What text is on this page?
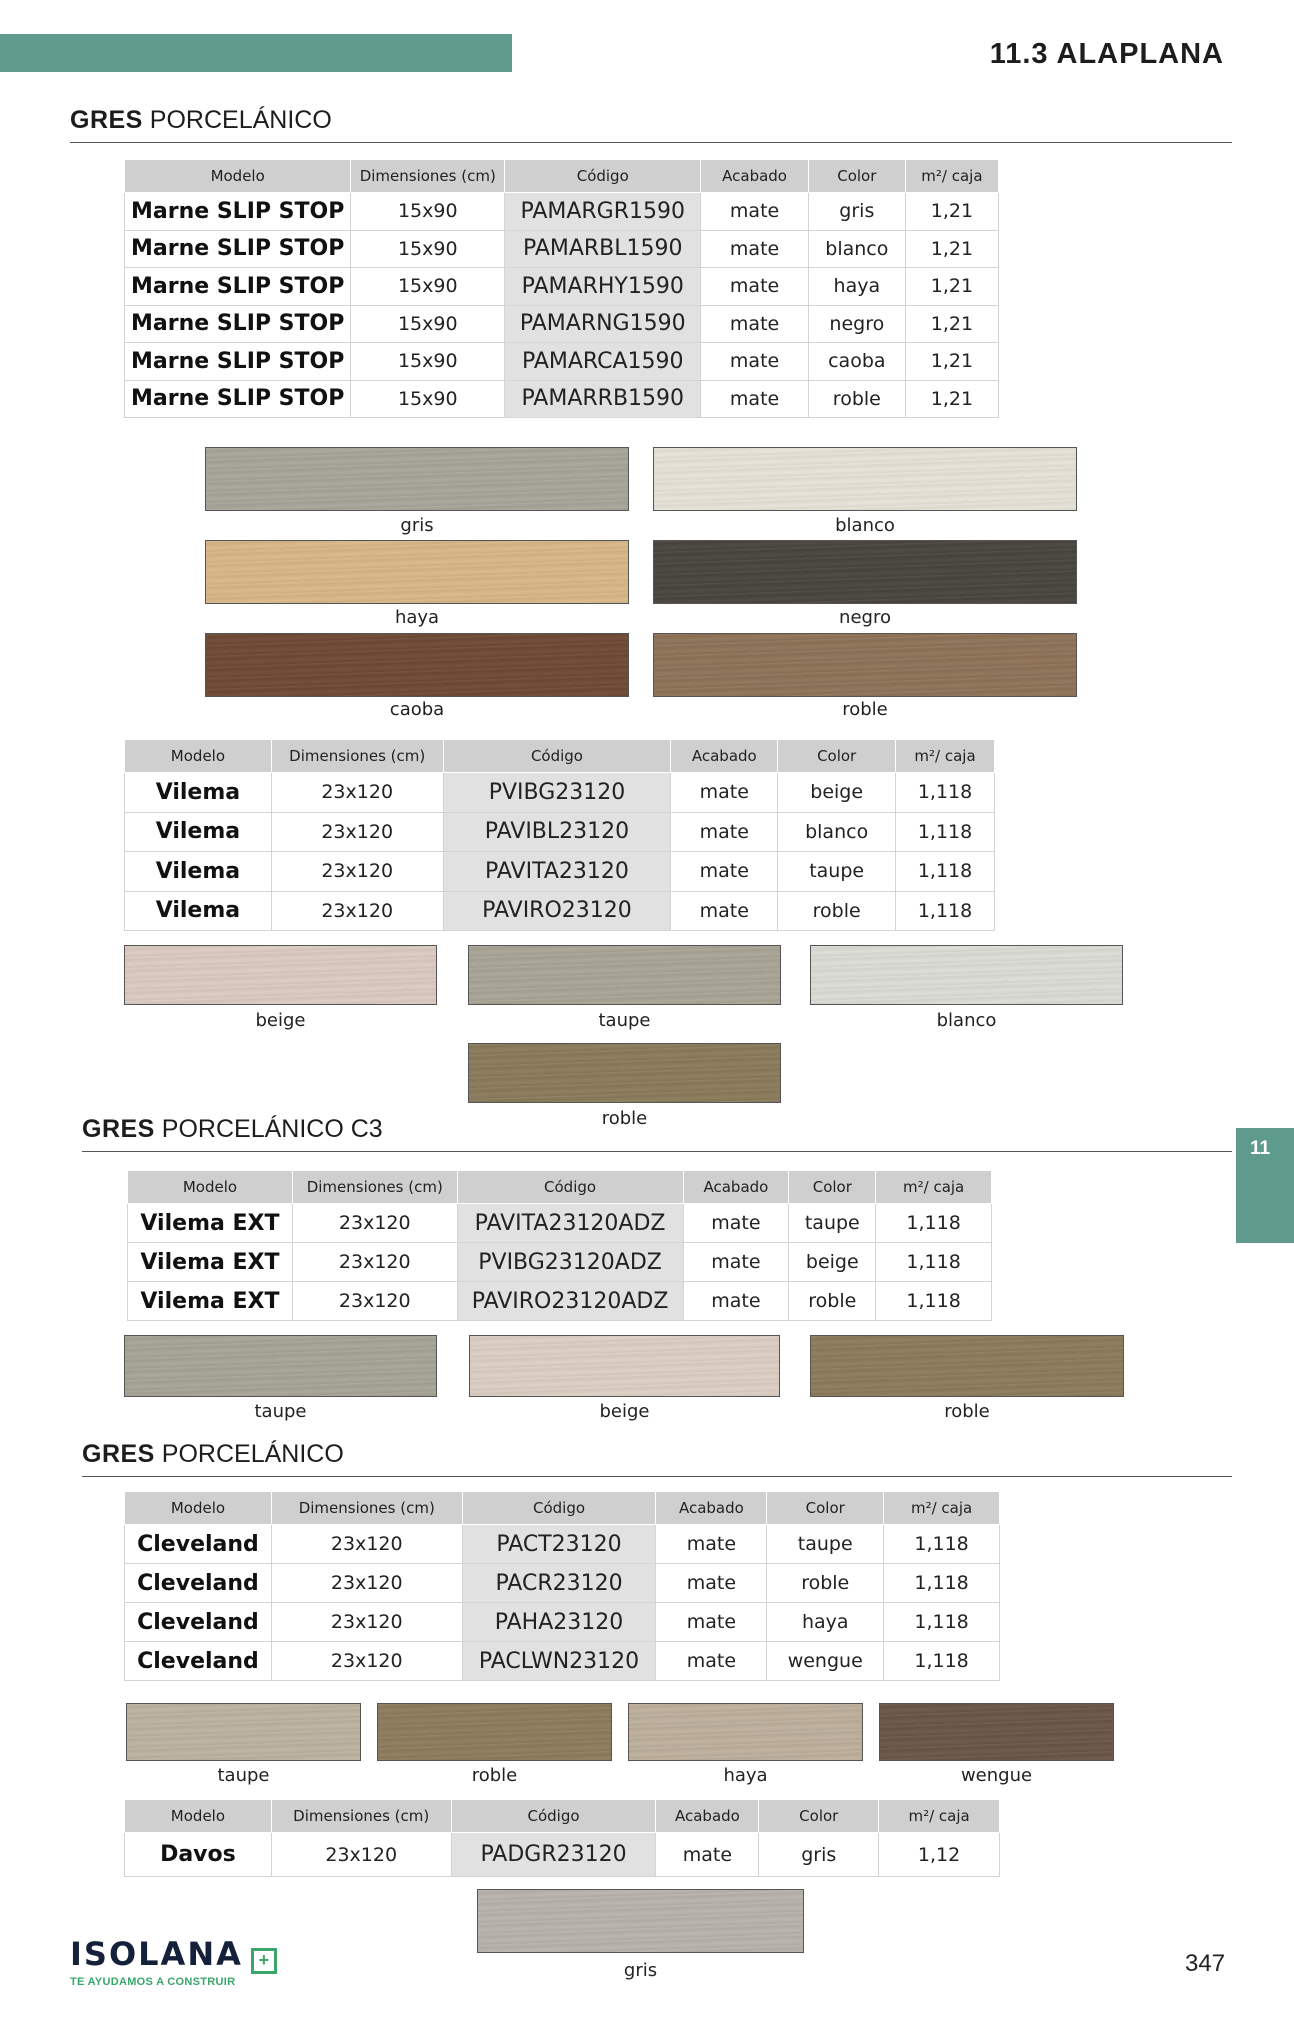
11.3 ALAPLANA
GRES PORCELÁNICO
Modelo	Dimensiones (cm)	Código	Acabado	Color	m²/ caja
Marne SLIP STOP	15x90	PAMARGR1590	mate	gris	1,21
Marne SLIP STOP	15x90	PAMARBL1590	mate	blanco	1,21
Marne SLIP STOP	15x90	PAMARHY1590	mate	haya	1,21
Marne SLIP STOP	15x90	PAMARNG1590	mate	negro	1,21
Marne SLIP STOP	15x90	PAMARCA1590	mate	caoba	1,21
Marne SLIP STOP	15x90	PAMARRB1590	mate	roble	1,21
gris	blanco
haya	negro
caoba	roble
Modelo	Dimensiones (cm)	Código	Acabado	Color	m²/ caja
Vilema	23x120	PVIBG23120	mate	beige	1,118
Vilema	23x120	PAVIBL23120	mate	blanco	1,118
Vilema	23x120	PAVITA23120	mate	taupe	1,118
Vilema	23x120	PAVIRO23120	mate	roble	1,118
beige	taupe	blanco
roble
GRES PORCELÁNICO C3
11
Modelo	Dimensiones (cm)	Código	Acabado	Color	m²/ caja
Vilema EXT	23x120	PAVITA23120ADZ	mate	taupe	1,118
Vilema EXT	23x120	PVIBG23120ADZ	mate	beige	1,118
Vilema EXT	23x120	PAVIRO23120ADZ	mate	roble	1,118
taupe	beige	roble
GRES PORCELÁNICO
Modelo	Dimensiones (cm)	Código	Acabado	Color	m²/ caja
Cleveland	23x120	PACT23120	mate	taupe	1,118
Cleveland	23x120	PACR23120	mate	roble	1,118
Cleveland	23x120	PAHA23120	mate	haya	1,118
Cleveland	23x120	PACLWN23120	mate	wengue	1,118
taupe	roble	haya	wengue
Modelo	Dimensiones (cm)	Código	Acabado	Color	m²/ caja
Davos	23x120	PADGR23120	mate	gris	1,12
gris
ISOLANA +
TE AYUDAMOS A CONSTRUIR
347
